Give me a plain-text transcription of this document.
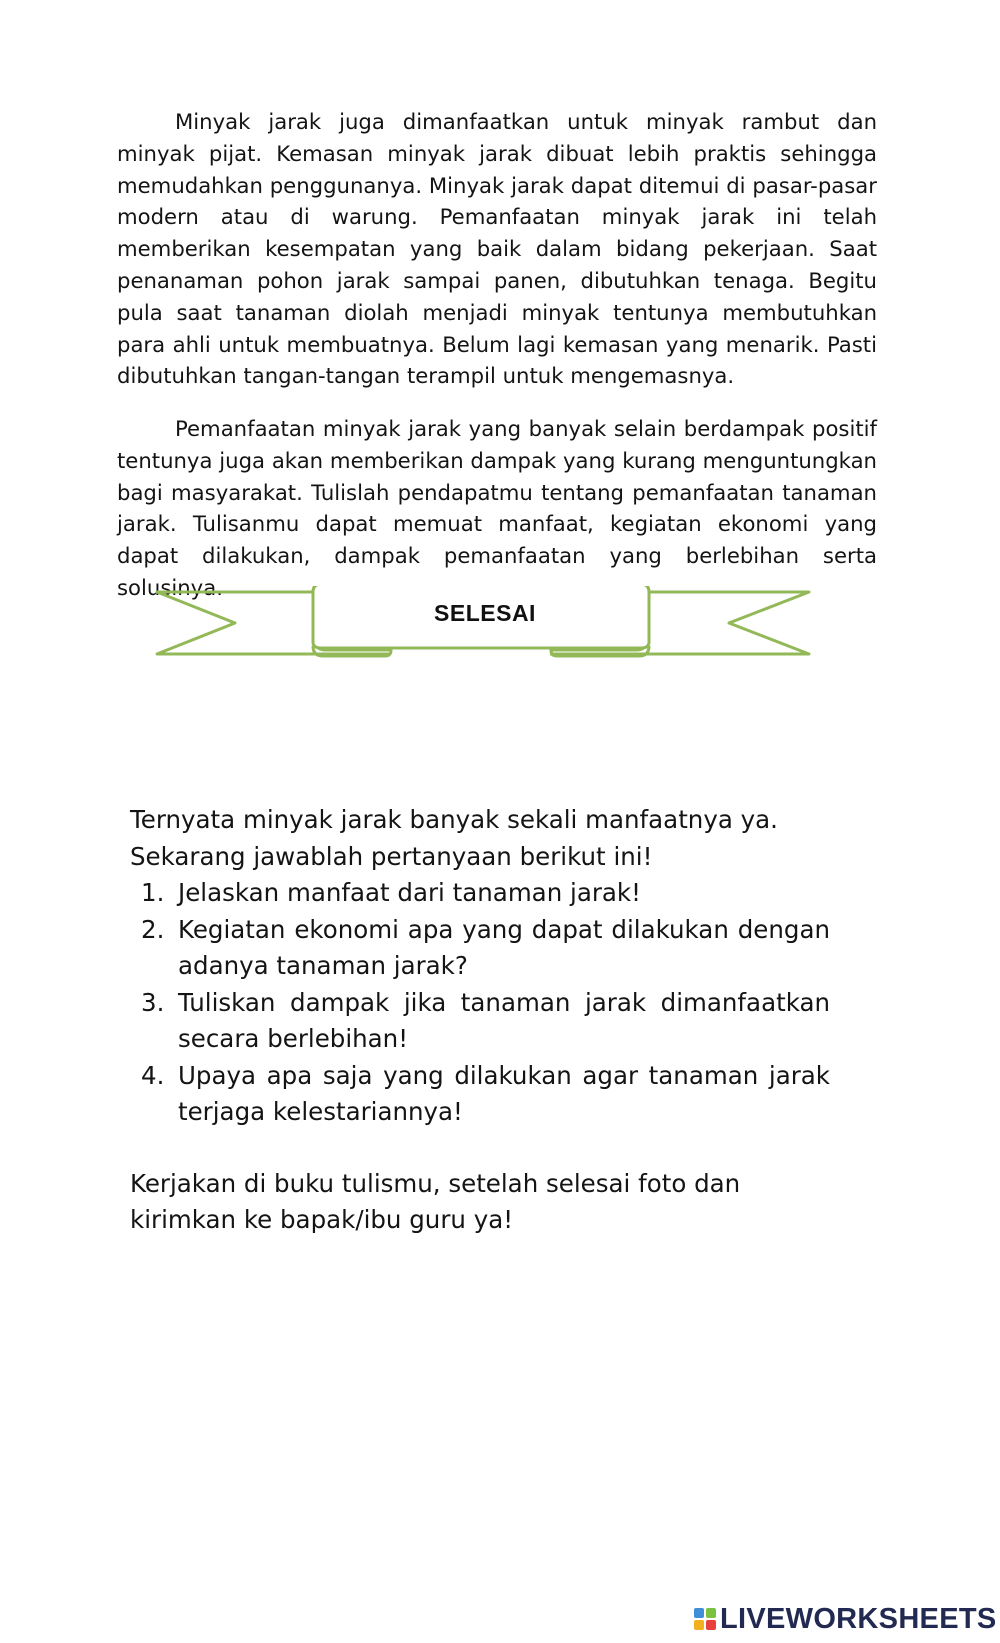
Minyak jarak juga dimanfaatkan untuk minyak rambut dan minyak pijat. Kemasan minyak jarak dibuat lebih praktis sehingga memudahkan penggunanya. Minyak jarak dapat ditemui di pasar-pasar modern atau di warung. Pemanfaatan minyak jarak ini telah memberikan kesempatan yang baik dalam bidang pekerjaan. Saat penanaman pohon jarak sampai panen, dibutuhkan tenaga. Begitu pula saat tanaman diolah menjadi minyak tentunya membutuhkan para ahli untuk membuatnya. Belum lagi kemasan yang menarik. Pasti dibutuhkan tangan-tangan terampil untuk mengemasnya.

Pemanfaatan minyak jarak yang banyak selain berdampak positif tentunya juga akan memberikan dampak yang kurang menguntungkan bagi masyarakat. Tulislah pendapatmu tentang pemanfaatan tanaman jarak. Tulisanmu dapat memuat manfaat, kegiatan ekonomi yang dapat dilakukan, dampak pemanfaatan yang berlebihan serta solusinya.

SELESAI

Ternyata minyak jarak banyak sekali manfaatnya ya.

Sekarang jawablah pertanyaan berikut ini!

1. Jelaskan manfaat dari tanaman jarak!
2. Kegiatan ekonomi apa yang dapat dilakukan dengan adanya tanaman jarak?
3. Tuliskan dampak jika tanaman jarak dimanfaatkan secara berlebihan!
4. Upaya apa saja yang dilakukan agar tanaman jarak terjaga kelestariannya!

Kerjakan di buku tulismu, setelah selesai foto dan kirimkan ke bapak/ibu guru ya!

LIVEWORKSHEETS
